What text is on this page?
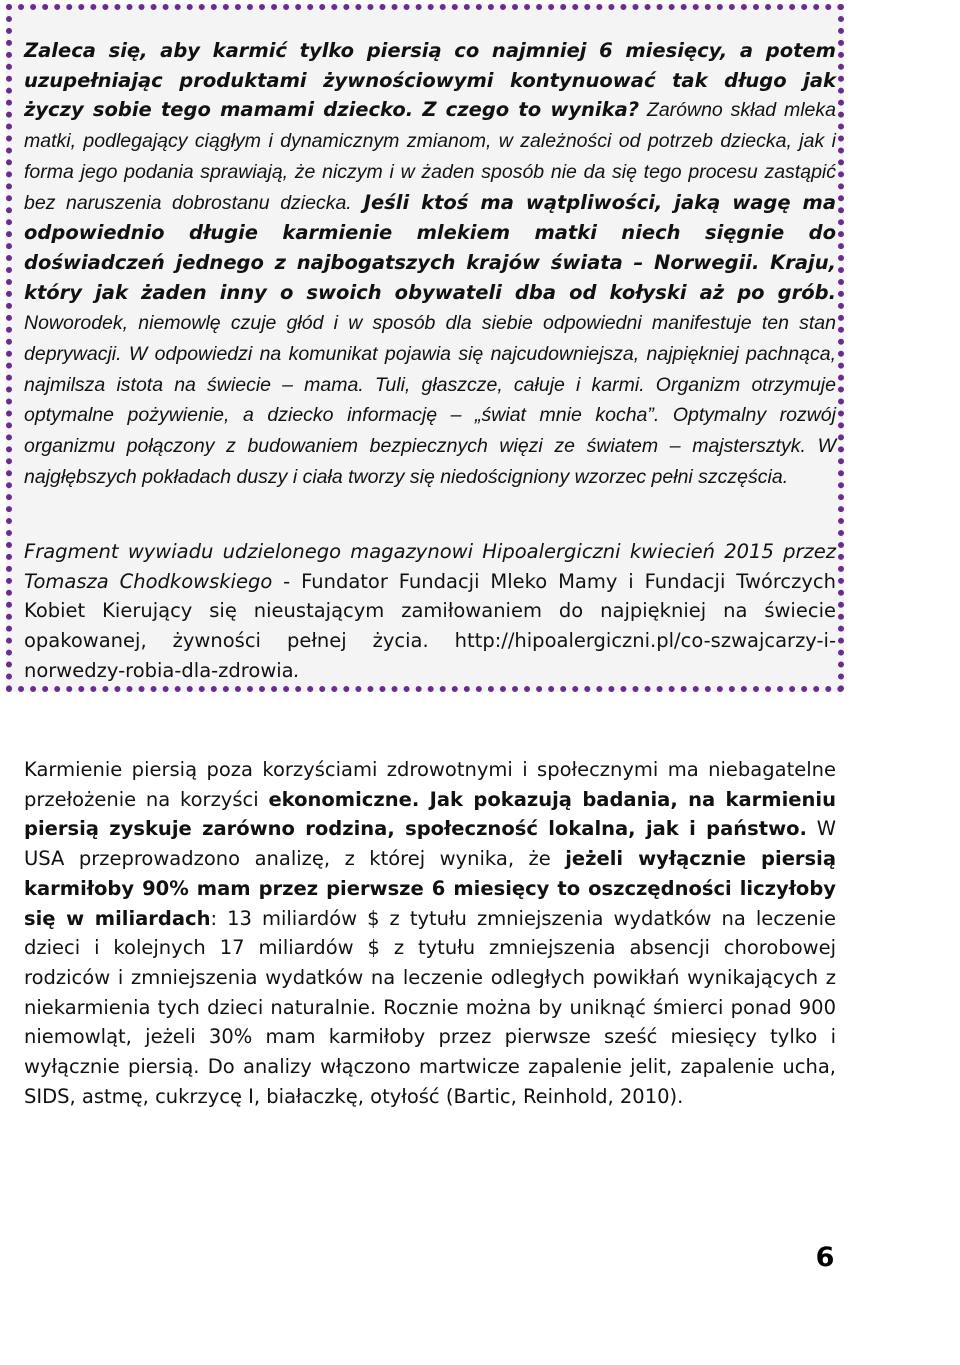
Zaleca się, aby karmić tylko piersią co najmniej 6 miesięcy, a potem uzupełniając produktami żywnościowymi kontynuować tak długo jak życzy sobie tego mamami dziecko. Z czego to wynika? Zarówno skład mleka matki, podlegający ciągłym i dynamicznym zmianom, w zależności od potrzeb dziecka, jak i forma jego podania sprawiają, że niczym i w żaden sposób nie da się tego procesu zastąpić bez naruszenia dobrostanu dziecka. Jeśli ktoś ma wątpliwości, jaką wagę ma odpowiednio długie karmienie mlekiem matki niech sięgnie do doświadczeń jednego z najbogatszych krajów świata – Norwegii. Kraju, który jak żaden inny o swoich obywateli dba od kołyski aż po grób. Noworodek, niemowlę czuje głód i w sposób dla siebie odpowiedni manifestuje ten stan deprywacji. W odpowiedzi na komunikat pojawia się najcudowniejsza, najpiękniej pachnąca, najmilsza istota na świecie – mama. Tuli, głaszcze, całuje i karmi. Organizm otrzymuje optymalne pożywienie, a dziecko informację – „świat mnie kocha”. Optymalny rozwój organizmu połączony z budowaniem bezpiecznych więzi ze światem – majstersztyk. W najgłębszych pokładach duszy i ciała tworzy się niedościgniony wzorzec pełni szczęścia.

Fragment wywiadu udzielonego magazynowi Hipoalergiczni kwiecień 2015 przez Tomasza Chodkowskiego - Fundator Fundacji Mleko Mamy i Fundacji Twórczych Kobiet Kierujący się nieustającym zamiłowaniem do najpiękniej na świecie opakowanej, żywności pełnej życia. http://hipoalergiczni.pl/co-szwajcarzy-i-norwedzy-robia-dla-zdrowia.

Karmienie piersią poza korzyściami zdrowotnymi i społecznymi ma niebagatelne przełożenie na korzyści ekonomiczne. Jak pokazują badania, na karmieniu piersią zyskuje zarówno rodzina, społeczność lokalna, jak i państwo. W USA przeprowadzono analizę, z której wynika, że jeżeli wyłącznie piersią karmiłoby 90% mam przez pierwsze 6 miesięcy to oszczędności liczyłoby się w miliardach: 13 miliardów $ z tytułu zmniejszenia wydatków na leczenie dzieci i kolejnych 17 miliardów $ z tytułu zmniejszenia absencji chorobowej rodziców i zmniejszenia wydatków na leczenie odległych powikłań wynikających z niekarmienia tych dzieci naturalnie. Rocznie można by uniknąć śmierci ponad 900 niemowląt, jeżeli 30% mam karmiłoby przez pierwsze sześć miesięcy tylko i wyłącznie piersią. Do analizy włączono martwicze zapalenie jelit, zapalenie ucha, SIDS, astmę, cukrzycę I, białaczkę, otyłość (Bartic, Reinhold, 2010).

6
